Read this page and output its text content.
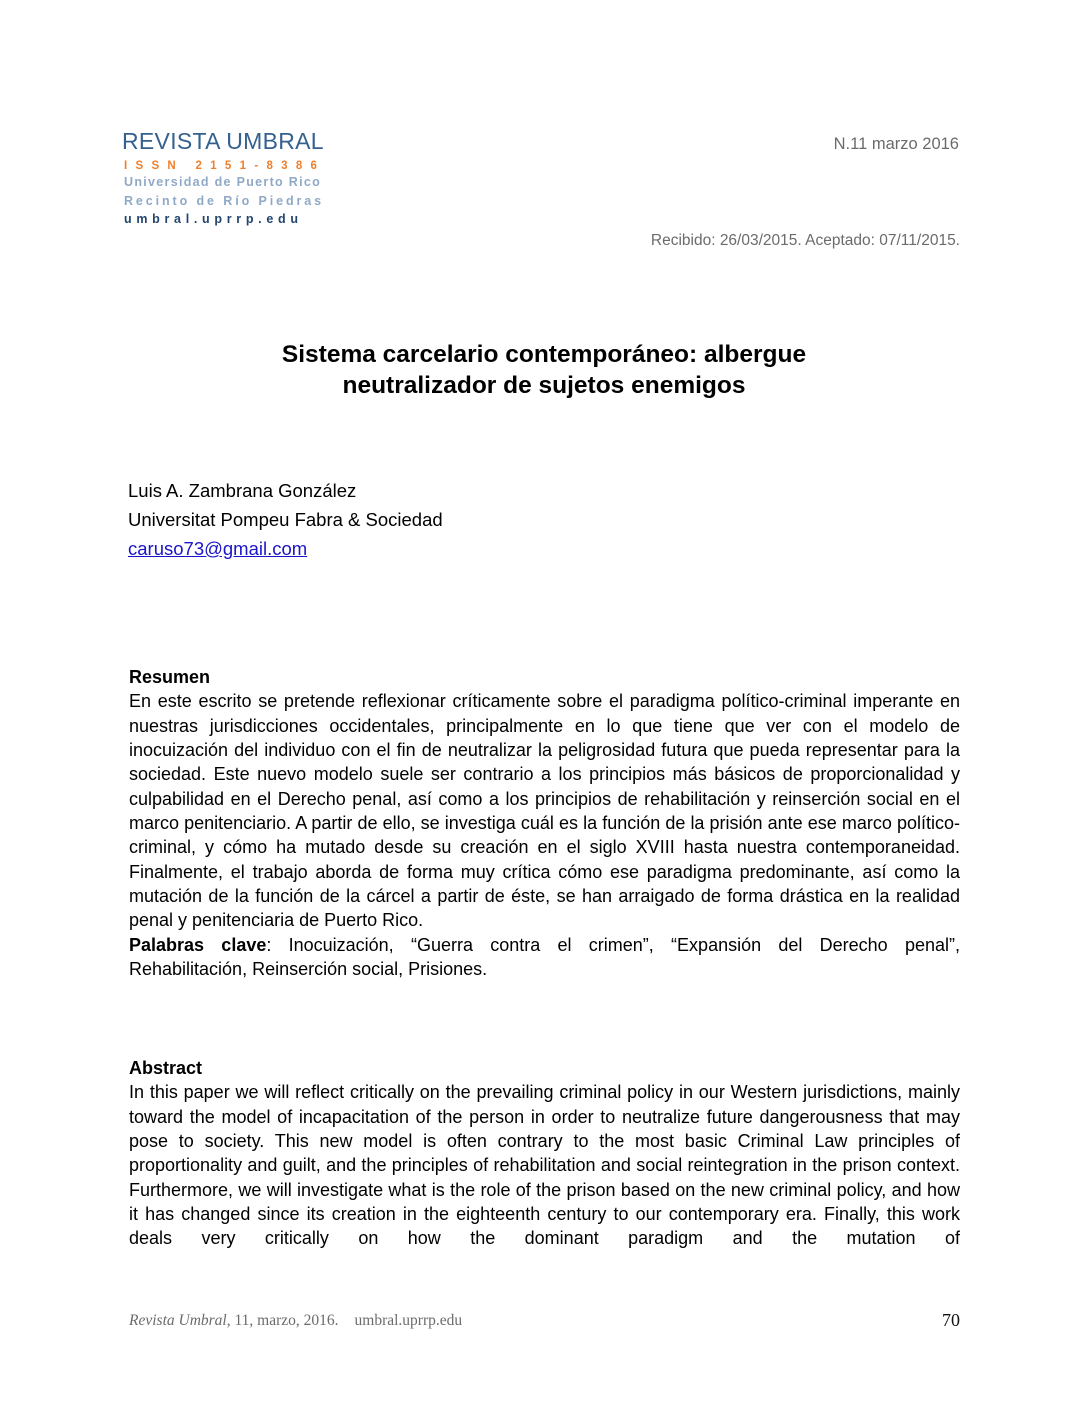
REVISTA UMBRAL
ISSN 2151-8386
Universidad de Puerto Rico
Recinto de Río Piedras
umbral.uprrp.edu
N.11 marzo 2016
Recibido: 26/03/2015. Aceptado: 07/11/2015.
Sistema carcelario contemporáneo: albergue
neutralizador de sujetos enemigos
Luis A. Zambrana González
Universitat Pompeu Fabra & Sociedad
caruso73@gmail.com
Resumen
En este escrito se pretende reflexionar críticamente sobre el paradigma político-criminal imperante en nuestras jurisdicciones occidentales, principalmente en lo que tiene que ver con el modelo de inocuización del individuo con el fin de neutralizar la peligrosidad futura que pueda representar para la sociedad. Este nuevo modelo suele ser contrario a los principios más básicos de proporcionalidad y culpabilidad en el Derecho penal, así como a los principios de rehabilitación y reinserción social en el marco penitenciario. A partir de ello, se investiga cuál es la función de la prisión ante ese marco político-criminal, y cómo ha mutado desde su creación en el siglo XVIII hasta nuestra contemporaneidad. Finalmente, el trabajo aborda de forma muy crítica cómo ese paradigma predominante, así como la mutación de la función de la cárcel a partir de éste, se han arraigado de forma drástica en la realidad penal y penitenciaria de Puerto Rico.
Palabras clave: Inocuización, “Guerra contra el crimen”, “Expansión del Derecho penal”, Rehabilitación, Reinserción social, Prisiones.
Abstract
In this paper we will reflect critically on the prevailing criminal policy in our Western jurisdictions, mainly toward the model of incapacitation of the person in order to neutralize future dangerousness that may pose to society. This new model is often contrary to the most basic Criminal Law principles of proportionality and guilt, and the principles of rehabilitation and social reintegration in the prison context. Furthermore, we will investigate what is the role of the prison based on the new criminal policy, and how it has changed since its creation in the eighteenth century to our contemporary era. Finally, this work deals very critically on how the dominant paradigm and the mutation of
Revista Umbral, 11, marzo, 2016. umbral.uprrp.edu	70
